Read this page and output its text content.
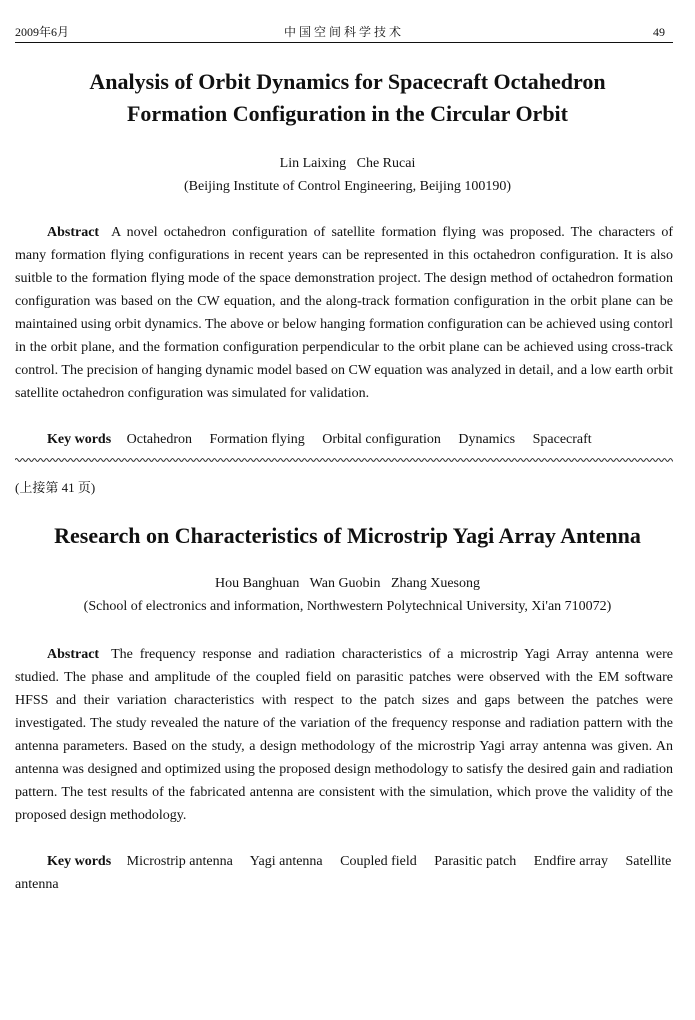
2009年6月	中国空间科学技术	49
Analysis of Orbit Dynamics for Spacecraft Octahedron
Formation Configuration in the Circular Orbit
Lin Laixing   Che Rucai
(Beijing Institute of Control Engineering, Beijing 100190)

Abstract A novel octahedron configuration of satellite formation flying was proposed. The characters of many formation flying configurations in recent years can be represented in this octahedron configuration. It is also suitble to the formation flying mode of the space demonstration project. The design method of octahedron formation configuration was based on the CW equation, and the along-track formation configuration in the orbit plane can be maintained using orbit dynamics. The above or below hanging formation configuration can be achieved using contorl in the orbit plane, and the formation configuration perpendicular to the orbit plane can be achieved using cross-track control. The precision of hanging dynamic model based on CW equation was analyzed in detail, and a low earth orbit satellite octahedron configuration was simulated for validation.

Key words Octahedron Formation flying Orbital configuration Dynamics Spacecraft
(上接第 41 页)
Research on Characteristics of Microstrip Yagi Array Antenna
Hou Banghuan   Wan Guobin   Zhang Xuesong
(School of electronics and information, Northwestern Polytechnical University, Xi'an 710072)

Abstract The frequency response and radiation characteristics of a microstrip Yagi Array antenna were studied. The phase and amplitude of the coupled field on parasitic patches were observed with the EM software HFSS and their variation characteristics with respect to the patch sizes and gaps between the patches were investigated. The study revealed the nature of the variation of the frequency response and radiation pattern with the antenna parameters. Based on the study, a design methodology of the microstrip Yagi array antenna was given. An antenna was designed and optimized using the proposed design methodology to satisfy the desired gain and radiation pattern. The test results of the fabricated antenna are consistent with the simulation, which prove the validity of the proposed design methodology.

Key words Microstrip antenna Yagi antenna Coupled field Parasitic patch Endfire array Satellite antenna
